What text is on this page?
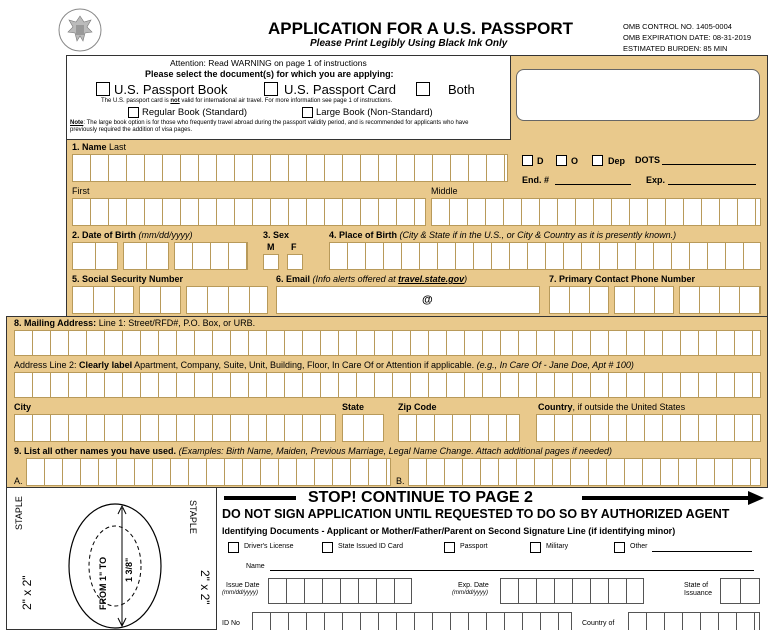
APPLICATION FOR A U.S. PASSPORT
Please Print Legibly Using Black Ink Only
OMB CONTROL NO. 1405-0004
OMB EXPIRATION DATE: 08-31-2019
ESTIMATED BURDEN: 85 MIN
Attention: Read WARNING on page 1 of instructions
Please select the document(s) for which you are applying:
U.S. Passport Book	U.S. Passport Card	Both
The U.S. passport card is not valid for international air travel. For more information see page 1 of instructions.
Regular Book (Standard)	Large Book (Non-Standard)
Note: The large book option is for those who frequently travel abroad during the passport validity period, and is recommended for applicants who have previously required the addition of visa pages.
1. Name Last
D	O	Dep DOTS
End. #	Exp.
First	Middle
2. Date of Birth (mm/dd/yyyy)	3. Sex
M F
4. Place of Birth (City & State if in the U.S., or City & Country as it is presently known.)
5. Social Security Number	6. Email (Info alerts offered at travel.state.gov)
@
7. Primary Contact Phone Number
8. Mailing Address: Line 1: Street/RFD#, P.O. Box, or URB.
Address Line 2: Clearly label Apartment, Company, Suite, Unit, Building, Floor, In Care Of or Attention if applicable. (e.g., In Care Of - Jane Doe, Apt # 100)
City	State	Zip Code	Country, if outside the United States
9. List all other names you have used. (Examples: Birth Name, Maiden, Previous Marriage, Legal Name Change. Attach additional pages if needed)
A.	B.
STAPLE
2" x 2"
STAPLE
2" x 2"
FROM 1" TO 1 3/8"
STOP! CONTINUE TO PAGE 2
DO NOT SIGN APPLICATION UNTIL REQUESTED TO DO SO BY AUTHORIZED AGENT
Identifying Documents - Applicant or Mother/Father/Parent on Second Signature Line (if identifying minor)
Driver's License	State Issued ID Card	Passport	Military	Other
Name
Issue Date
(mm/dd/yyyy)
Exp. Date
(mm/dd/yyyy)
State of
Issuance
ID No	Country of
